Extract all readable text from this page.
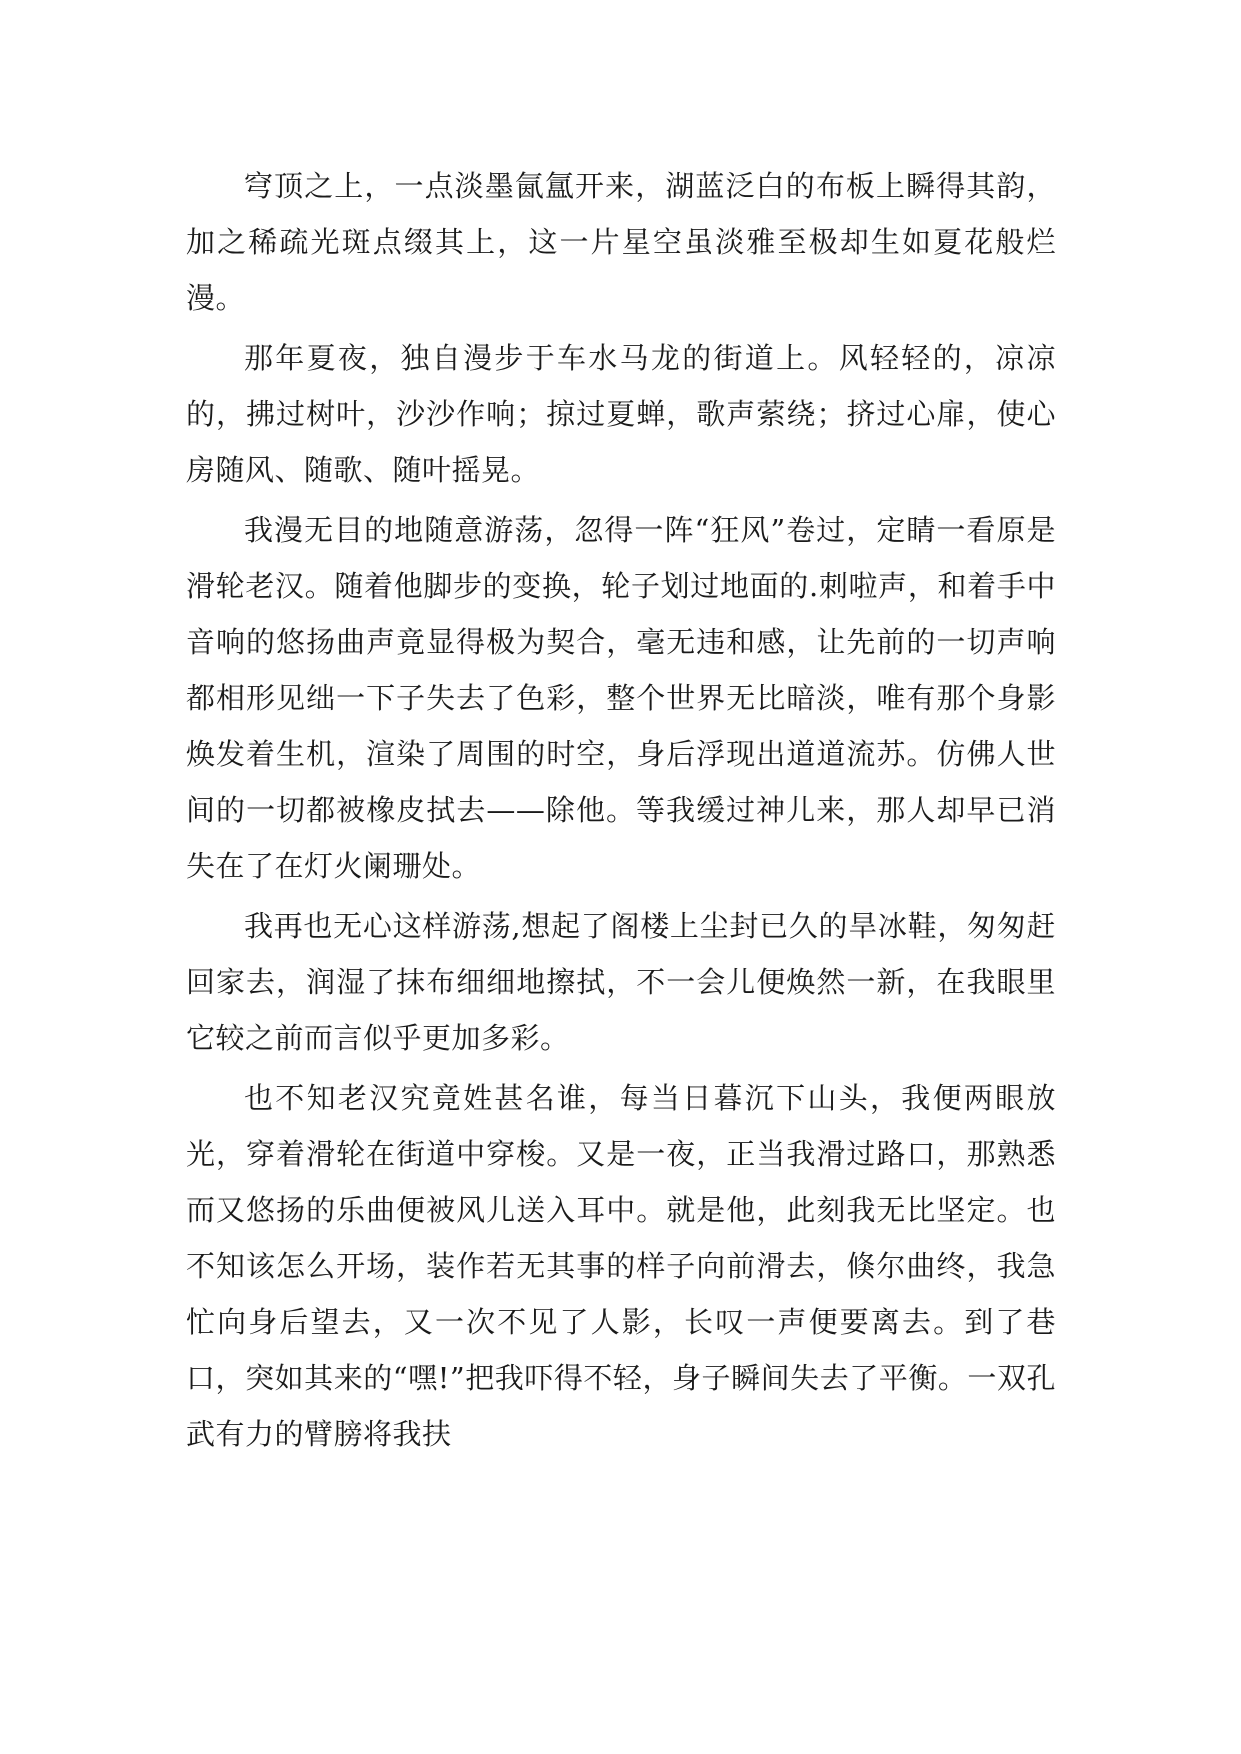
穹顶之上，一点淡墨氤氲开来，湖蓝泛白的布板上瞬得其韵，加之稀疏光斑点缀其上，这一片星空虽淡雅至极却生如夏花般烂漫。

那年夏夜，独自漫步于车水马龙的街道上。风轻轻的，凉凉的，拂过树叶，沙沙作响；掠过夏蝉，歌声萦绕；挤过心扉，使心房随风、随歌、随叶摇晃。

我漫无目的地随意游荡，忽得一阵“狂风”卷过，定睛一看原是滑轮老汉。随着他脚步的变换，轮子划过地面的.刺啦声，和着手中音响的悠扬曲声竟显得极为契合，毫无违和感，让先前的一切声响都相形见绌一下子失去了色彩，整个世界无比暗淡，唯有那个身影焕发着生机，渲染了周围的时空，身后浮现出道道流苏。仿佛人世间的一切都被橡皮拭去——除他。等我缓过神儿来，那人却早已消失在了在灯火阑珊处。

我再也无心这样游荡,想起了阁楼上尘封已久的旱冰鞋，匆匆赶回家去，润湿了抹布细细地擦拭，不一会儿便焕然一新，在我眼里它较之前而言似乎更加多彩。

也不知老汉究竟姓甚名谁，每当日暮沉下山头，我便两眼放光，穿着滑轮在街道中穿梭。又是一夜，正当我滑过路口，那熟悉而又悠扬的乐曲便被风儿送入耳中。就是他，此刻我无比坚定。也不知该怎么开场，装作若无其事的样子向前滑去，倏尔曲终，我急忙向身后望去，又一次不见了人影，长叹一声便要离去。到了巷口，突如其来的“嘿!”把我吓得不轻，身子瞬间失去了平衡。一双孔武有力的臂膀将我扶
